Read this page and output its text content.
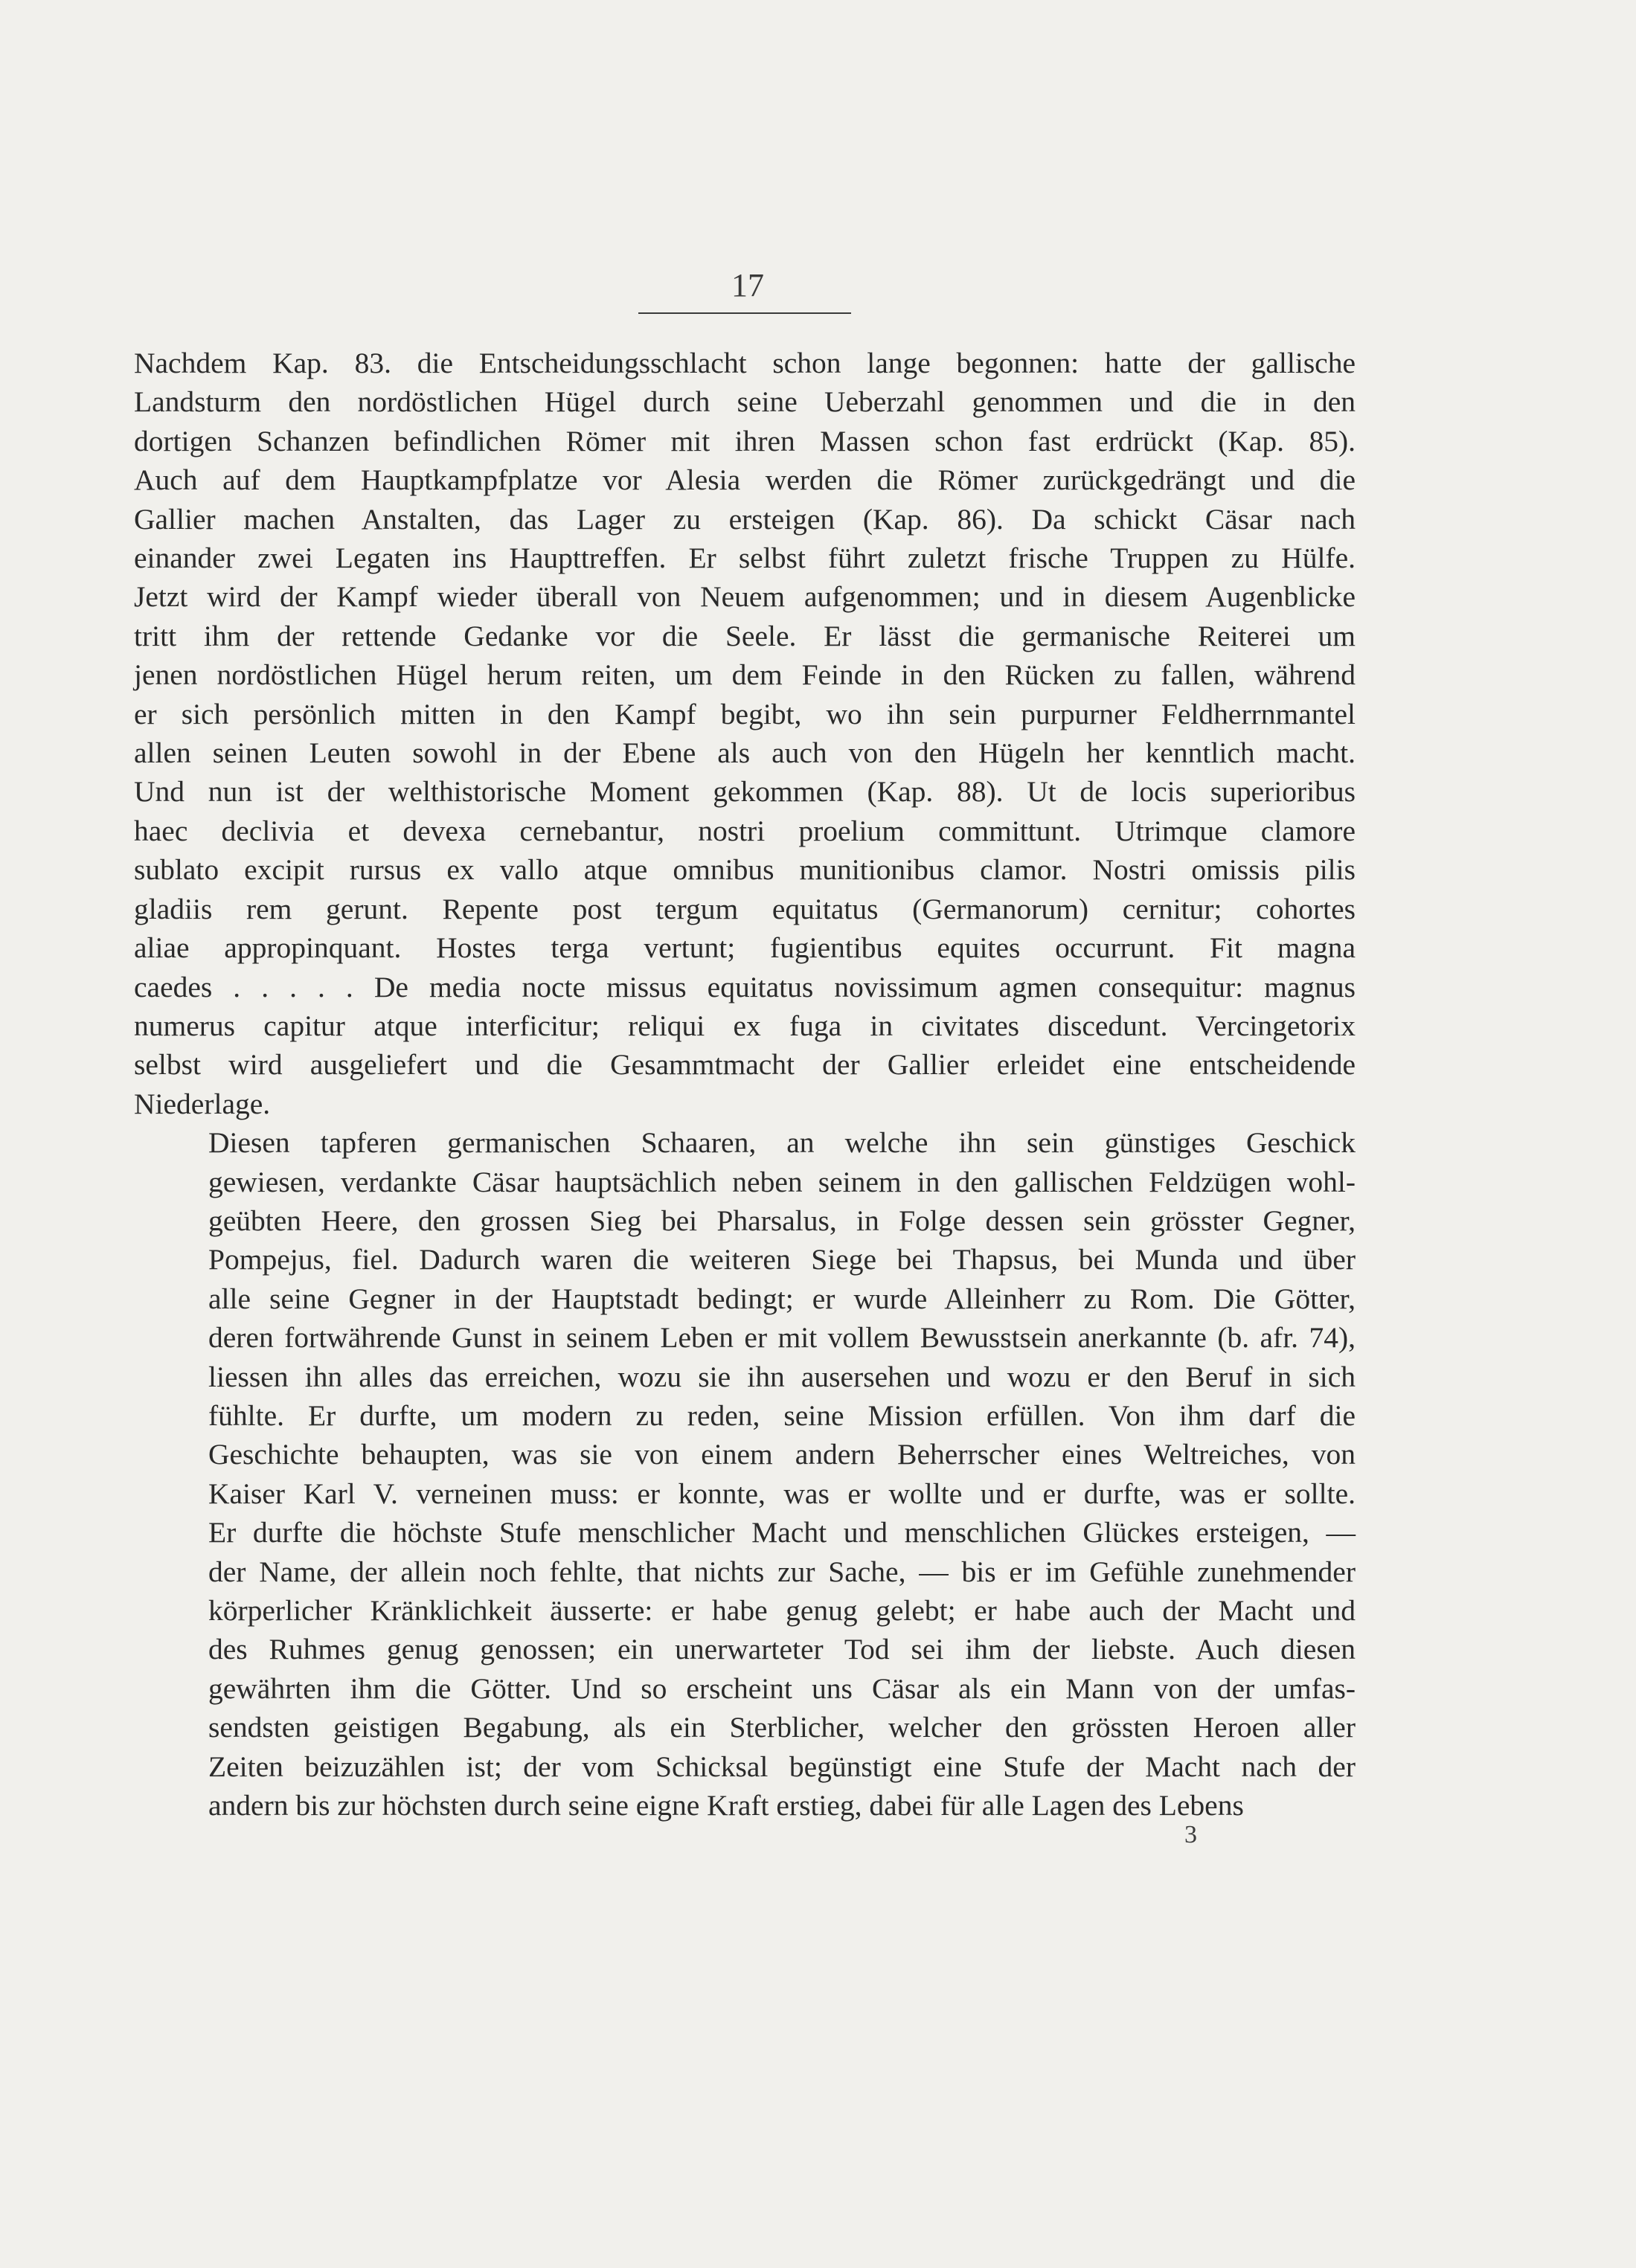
17
Nachdem Kap. 83. die Entscheidungsschlacht schon lange begonnen: hatte der gallische
Landsturm den nordöstlichen Hügel durch seine Ueberzahl genommen und die in den
dortigen Schanzen befindlichen Römer mit ihren Massen schon fast erdrückt (Kap. 85).
Auch auf dem Hauptkampfplatze vor Alesia werden die Römer zurückgedrängt und die
Gallier machen Anstalten, das Lager zu ersteigen (Kap. 86). Da schickt Cäsar nach
einander zwei Legaten ins Haupttreffen. Er selbst führt zuletzt frische Truppen zu Hülfe.
Jetzt wird der Kampf wieder überall von Neuem aufgenommen; und in diesem Augenblicke
tritt ihm der rettende Gedanke vor die Seele. Er lässt die germanische Reiterei um
jenen nordöstlichen Hügel herum reiten, um dem Feinde in den Rücken zu fallen, während
er sich persönlich mitten in den Kampf begibt, wo ihn sein purpurner Feldherrnmantel
allen seinen Leuten sowohl in der Ebene als auch von den Hügeln her kenntlich macht.
Und nun ist der welthistorische Moment gekommen (Kap. 88). Ut de locis superioribus
haec declivia et devexa cernebantur, nostri proelium committunt. Utrimque clamore
sublato excipit rursus ex vallo atque omnibus munitionibus clamor. Nostri omissis pilis
gladiis rem gerunt. Repente post tergum equitatus (Germanorum) cernitur; cohortes
aliae appropinquant. Hostes terga vertunt; fugientibus equites occurrunt. Fit magna
caedes . . . . . De media nocte missus equitatus novissimum agmen consequitur: magnus
numerus capitur atque interficitur; reliqui ex fuga in civitates discedunt. Vercingetorix
selbst wird ausgeliefert und die Gesammtmacht der Gallier erleidet eine entscheidende
Niederlage.
Diesen tapferen germanischen Schaaren, an welche ihn sein günstiges Geschick
gewiesen, verdankte Cäsar hauptsächlich neben seinem in den gallischen Feldzügen wohl-
geübten Heere, den grossen Sieg bei Pharsalus, in Folge dessen sein grösster Gegner,
Pompejus, fiel. Dadurch waren die weiteren Siege bei Thapsus, bei Munda und über
alle seine Gegner in der Hauptstadt bedingt; er wurde Alleinherr zu Rom. Die Götter,
deren fortwährende Gunst in seinem Leben er mit vollem Bewusstsein anerkannte (b. afr. 74),
liessen ihn alles das erreichen, wozu sie ihn ausersehen und wozu er den Beruf in sich
fühlte. Er durfte, um modern zu reden, seine Mission erfüllen. Von ihm darf die
Geschichte behaupten, was sie von einem andern Beherrscher eines Weltreiches, von
Kaiser Karl V. verneinen muss: er konnte, was er wollte und er durfte, was er sollte.
Er durfte die höchste Stufe menschlicher Macht und menschlichen Glückes ersteigen, —
der Name, der allein noch fehlte, that nichts zur Sache, — bis er im Gefühle zunehmender
körperlicher Kränklichkeit äusserte: er habe genug gelebt; er habe auch der Macht und
des Ruhmes genug genossen; ein unerwarteter Tod sei ihm der liebste. Auch diesen
gewährten ihm die Götter. Und so erscheint uns Cäsar als ein Mann von der umfas-
sendsten geistigen Begabung, als ein Sterblicher, welcher den grössten Heroen aller
Zeiten beizuzählen ist; der vom Schicksal begünstigt eine Stufe der Macht nach der
andern bis zur höchsten durch seine eigne Kraft erstieg, dabei für alle Lagen des Lebens
3
